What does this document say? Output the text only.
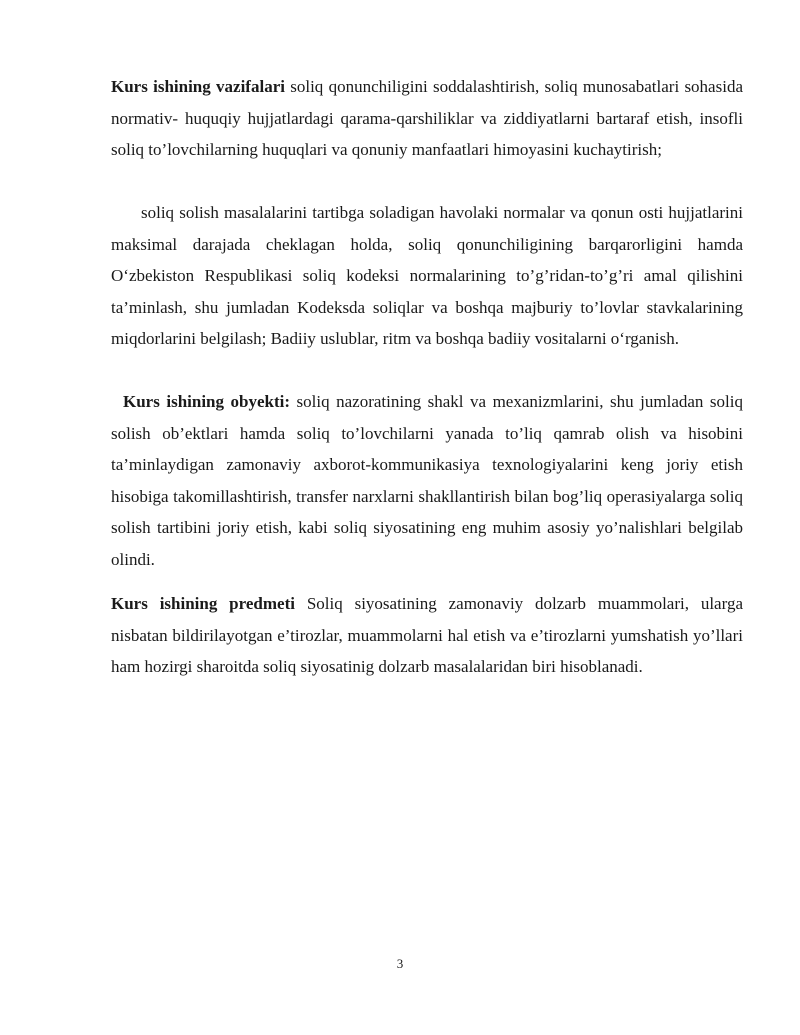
Kurs ishining vazifalari soliq qonunchiligini soddalashtirish, soliq munosabatlari sohasida normativ- huquqiy hujjatlardagi qarama-qarshiliklar va ziddiyatlarni bartaraf etish, insofli soliq to’lovchilarning huquqlari va qonuniy manfaatlari himoyasini kuchaytirish;

soliq solish masalalarini tartibga soladigan havolaki normalar va qonun osti hujjatlarini maksimal darajada cheklagan holda, soliq qonunchiligining barqarorligini hamda O‘zbekiston Respublikasi soliq kodeksi normalarining to’g’ridan-to’g’ri amal qilishini ta’minlash, shu jumladan Kodeksda soliqlar va boshqa majburiy to’lovlar stavkalarining miqdorlarini belgilash; Badiiy uslublar, ritm va boshqa badiiy vositalarni o‘rganish.

Kurs ishining obyekti: soliq nazoratining shakl va mexanizmlarini, shu jumladan soliq solish ob’ektlari hamda soliq to’lovchilarni yanada to’liq qamrab olish va hisobini ta’minlaydigan zamonaviy axborot-kommunikasiya texnologiyalarini keng joriy etish hisobiga takomillashtirish, transfer narxlarni shakllantirish bilan bog’liq operasiyalarga soliq solish tartibini joriy etish, kabi soliq siyosatining eng muhim asosiy yo’nalishlari belgilab olindi.

Kurs ishining predmeti Soliq siyosatining zamonaviy dolzarb muammolari, ularga nisbatan bildirilayotgan e’tirozlar, muammolarni hal etish va e’tirozlarni yumshatish yo’llari ham hozirgi sharoitda soliq siyosatinig dolzarb masalalaridan biri hisoblanadi.

3
